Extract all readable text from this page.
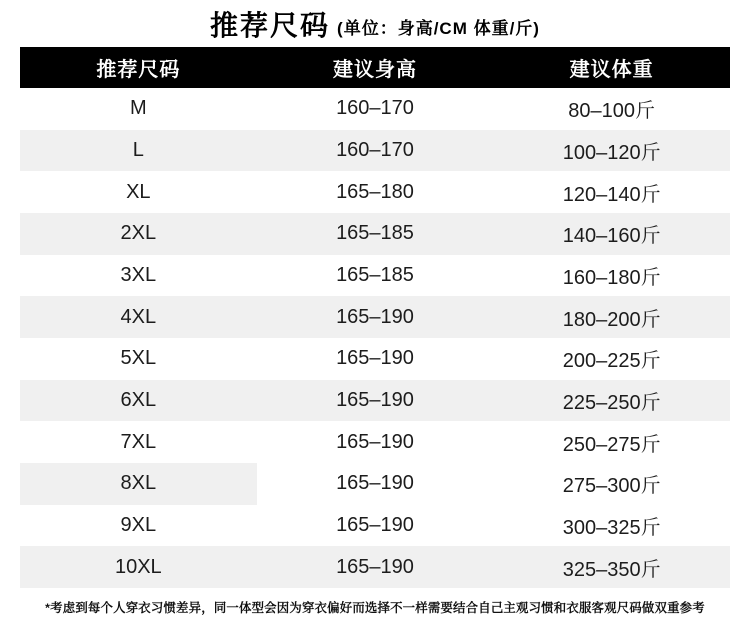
推荐尺码 (单位：身高/CM 体重/斤)
推荐尺码	建议身高	建议体重
M	160–170	80–100斤
L	160–170	100–120斤
XL	165–180	120–140斤
2XL	165–185	140–160斤
3XL	165–185	160–180斤
4XL	165–190	180–200斤
5XL	165–190	200–225斤
6XL	165–190	225–250斤
7XL	165–190	250–275斤
8XL	165–190	275–300斤
9XL	165–190	300–325斤
10XL	165–190	325–350斤
*考虑到每个人穿衣习惯差异，同一体型会因为穿衣偏好而选择不一样需要结合自己主观习惯和衣服客观尺码做双重参考
